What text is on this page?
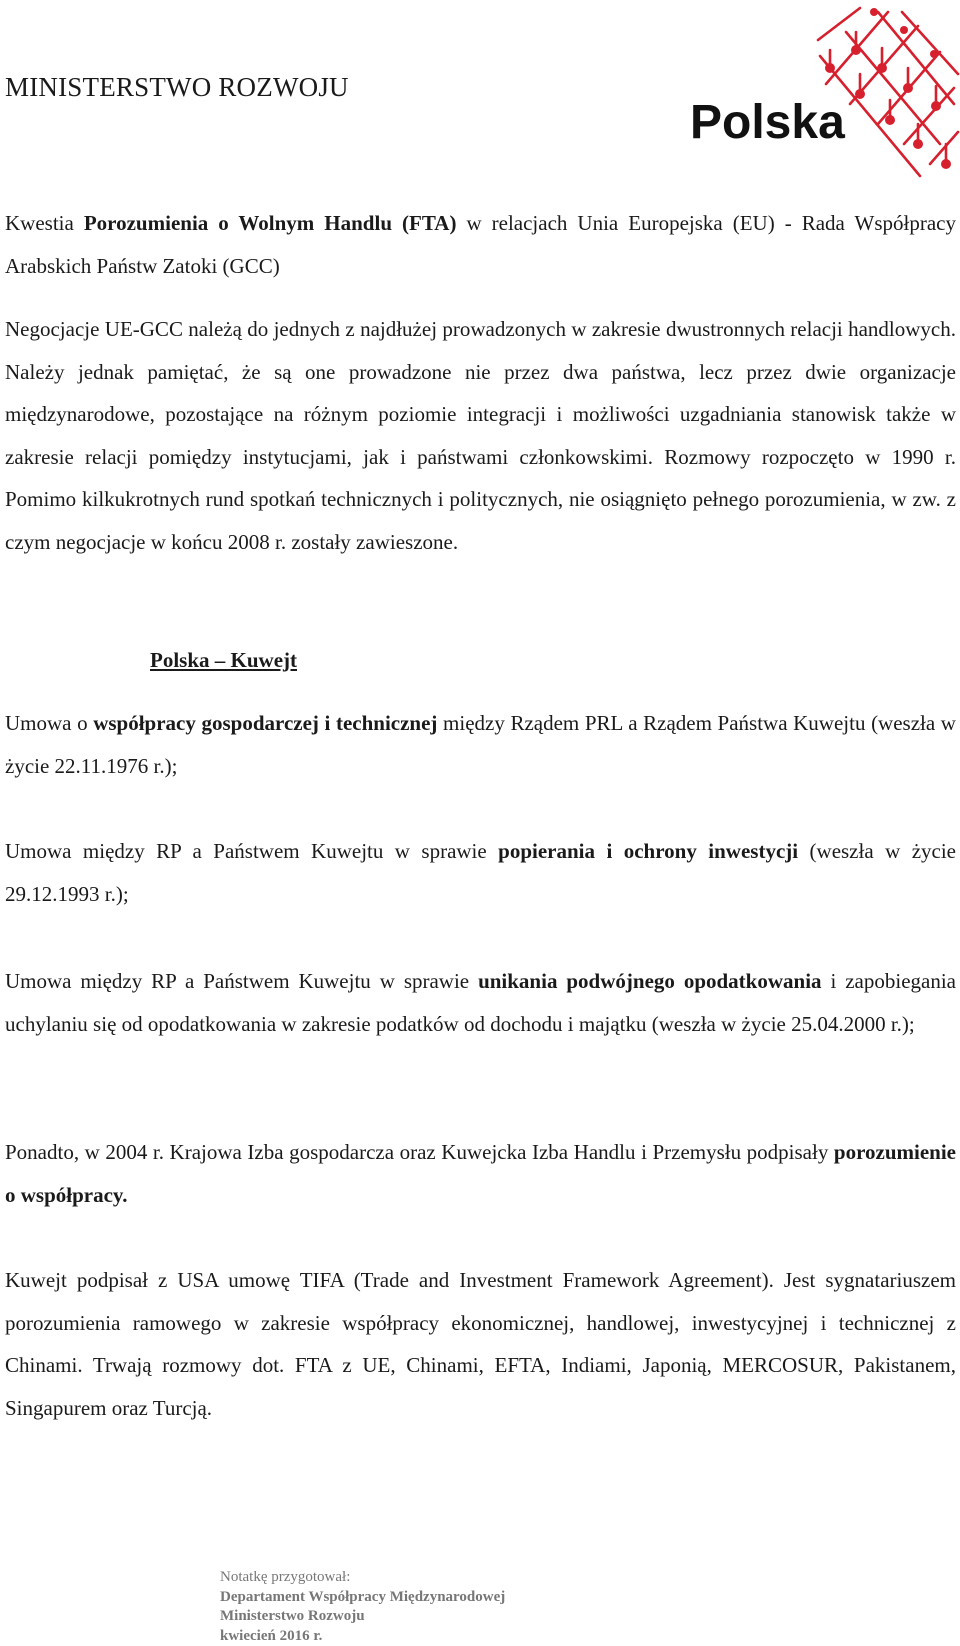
MINISTERSTWO ROZWOJU
Polska

Kwestia Porozumienia o Wolnym Handlu (FTA) w relacjach Unia Europejska (EU) - Rada Współpracy Arabskich Państw Zatoki (GCC)

Negocjacje UE-GCC należą do jednych z najdłużej prowadzonych w zakresie dwustronnych relacji handlowych. Należy jednak pamiętać, że są one prowadzone nie przez dwa państwa, lecz przez dwie organizacje międzynarodowe, pozostające na różnym poziomie integracji i możliwości uzgadniania stanowisk także w zakresie relacji pomiędzy instytucjami, jak i państwami członkowskimi. Rozmowy rozpoczęto w 1990 r. Pomimo kilkukrotnych rund spotkań technicznych i politycznych, nie osiągnięto pełnego porozumienia, w zw. z czym negocjacje w końcu 2008 r. zostały zawieszone.

Polska – Kuwejt

Umowa o współpracy gospodarczej i technicznej między Rządem PRL a Rządem Państwa Kuwejtu (weszła w życie 22.11.1976 r.);

Umowa między RP a Państwem Kuwejtu w sprawie popierania i ochrony inwestycji (weszła w życie 29.12.1993 r.);

Umowa między RP a Państwem Kuwejtu w sprawie unikania podwójnego opodatkowania i zapobiegania uchylaniu się od opodatkowania w zakresie podatków od dochodu i majątku (weszła w życie 25.04.2000 r.);

Ponadto, w 2004 r. Krajowa Izba gospodarcza oraz Kuwejcka Izba Handlu i Przemysłu podpisały porozumienie o współpracy.

Kuwejt podpisał z USA umowę TIFA (Trade and Investment Framework Agreement). Jest sygnatariuszem porozumienia ramowego w zakresie współpracy ekonomicznej, handlowej, inwestycyjnej i technicznej z Chinami. Trwają rozmowy dot. FTA z UE, Chinami, EFTA, Indiami, Japonią, MERCOSUR, Pakistanem, Singapurem oraz Turcją.

Notatkę przygotował:
Departament Współpracy Międzynarodowej
Ministerstwo Rozwoju
kwiecień 2016 r.
